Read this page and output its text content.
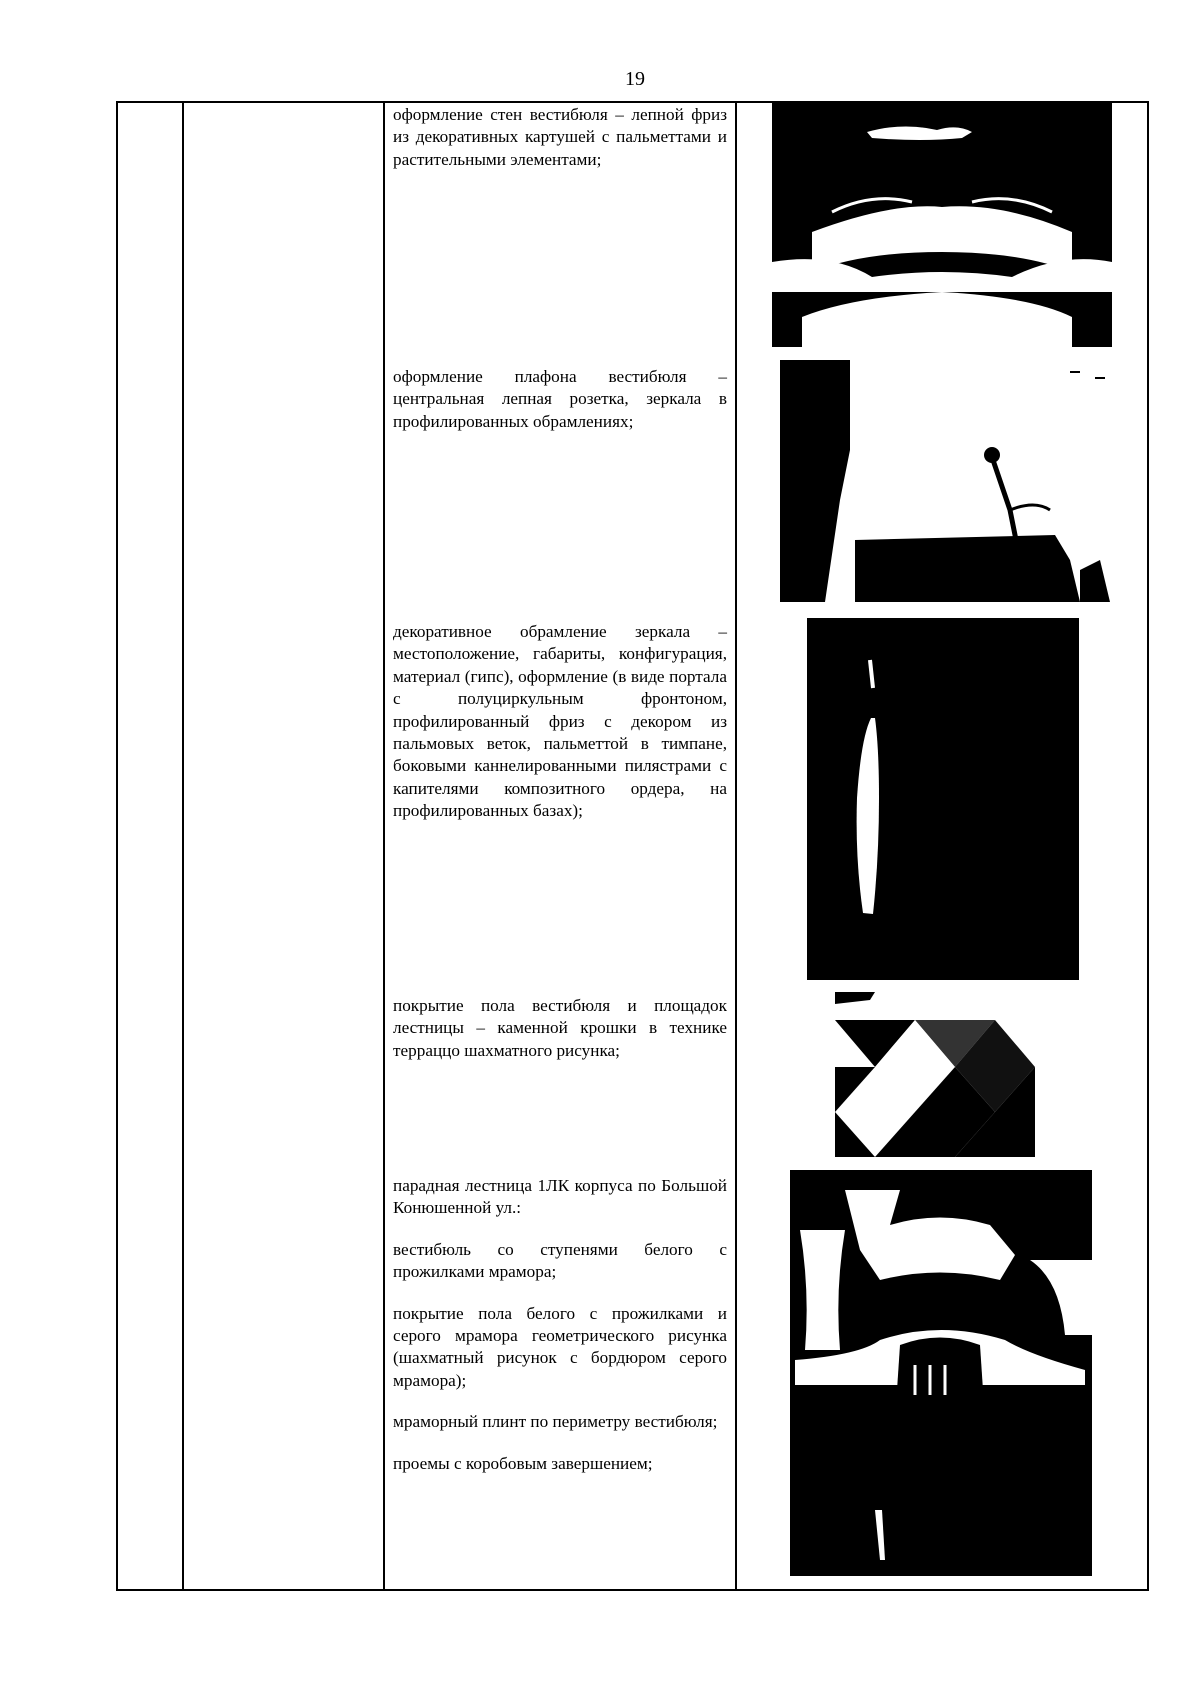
19

оформление стен вестибюля – лепной фриз из декоративных картушей с пальметтами и растительными элементами;

оформление плафона вестибюля – центральная лепная розетка, зеркала в профилированных обрамлениях;

декоративное обрамление зеркала – местоположение, габариты, конфигурация, материал (гипс), оформление (в виде портала с полуциркульным фронтоном, профилированный фриз с декором из пальмовых веток, пальметтой в тимпане, боковыми каннелированными пилястрами с капителями композитного ордера, на профилированных базах);

покрытие пола вестибюля и площадок лестницы – каменной крошки в технике терраццо шахматного рисунка;

парадная лестница 1ЛК корпуса по Большой Конюшенной ул.:

вестибюль со ступенями белого с прожилками мрамора;

покрытие пола белого с прожилками и серого мрамора геометрического рисунка (шахматный рисунок с бордюром серого мрамора);

мраморный плинт по периметру вестибюля;

проемы с коробовым завершением;
